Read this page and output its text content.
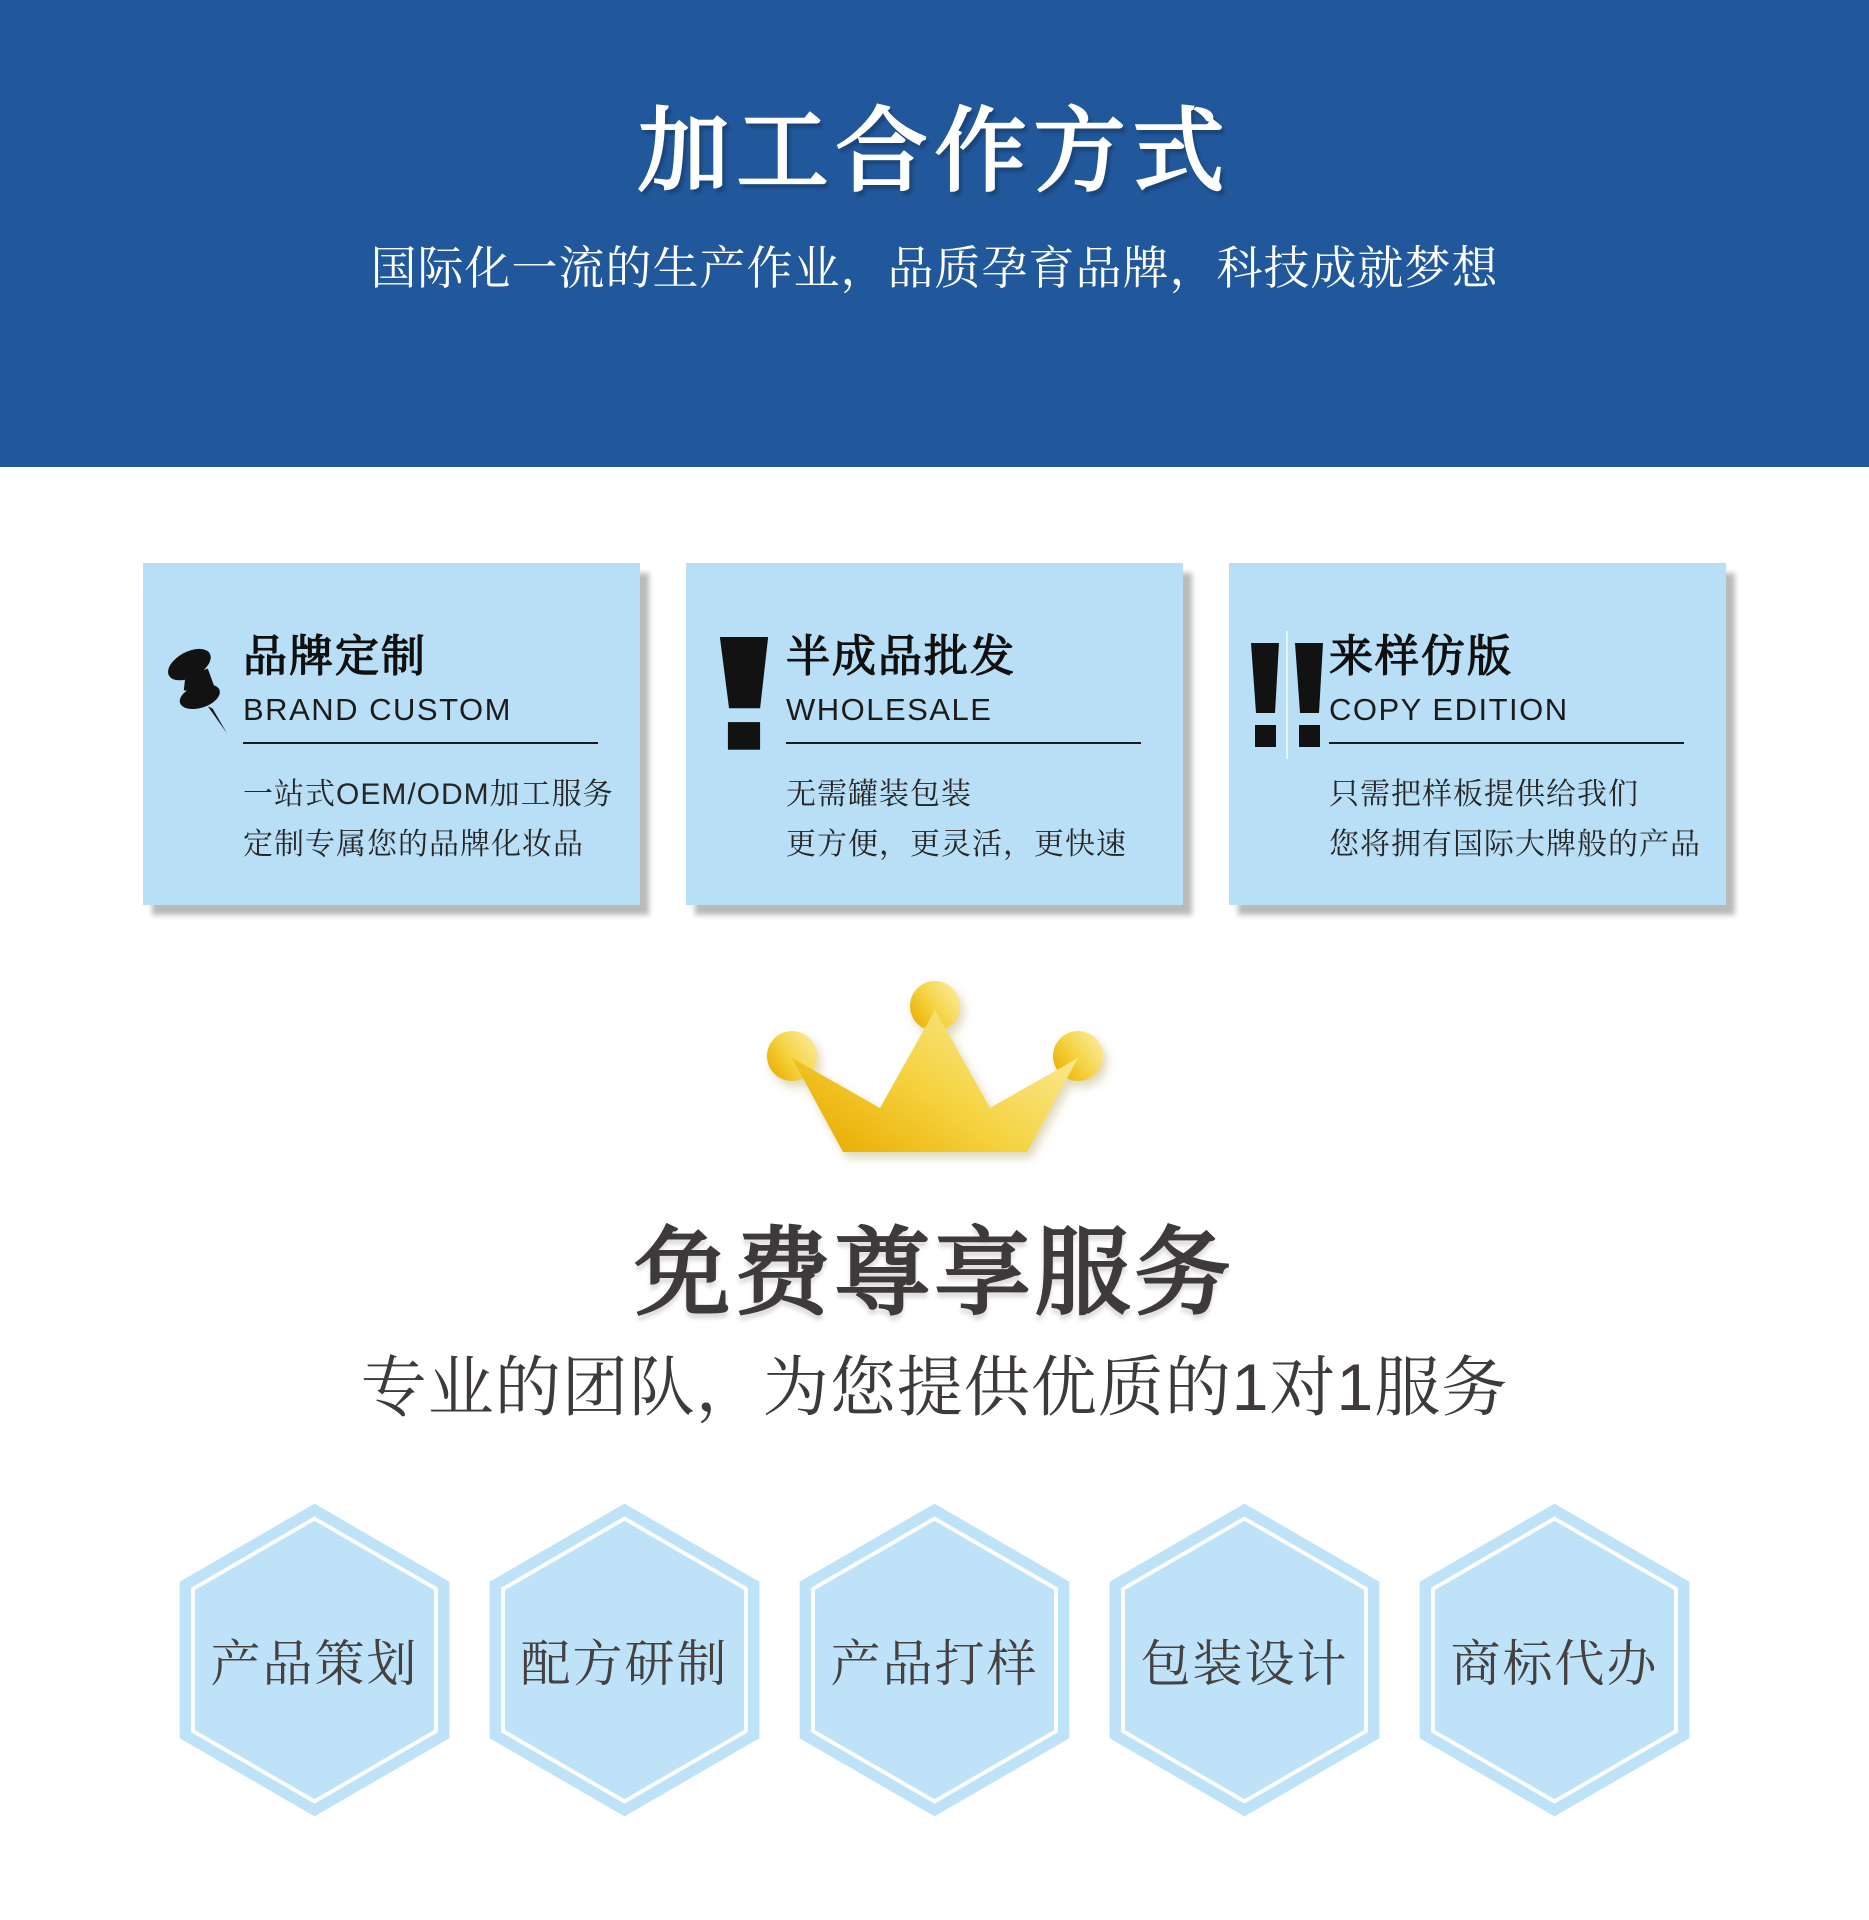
加工合作方式

国际化一流的生产作业，品质孕育品牌，科技成就梦想

品牌定制
BRAND CUSTOM
一站式OEM/ODM加工服务
定制专属您的品牌化妆品
半成品批发
WHOLESALE
无需罐装包装
更方便，更灵活，更快速
来样仿版
COPY EDITION
只需把样板提供给我们
您将拥有国际大牌般的产品
免费尊享服务

专业的团队，为您提供优质的1对1服务

产品策划	配方研制	产品打样	包装设计	商标代办
